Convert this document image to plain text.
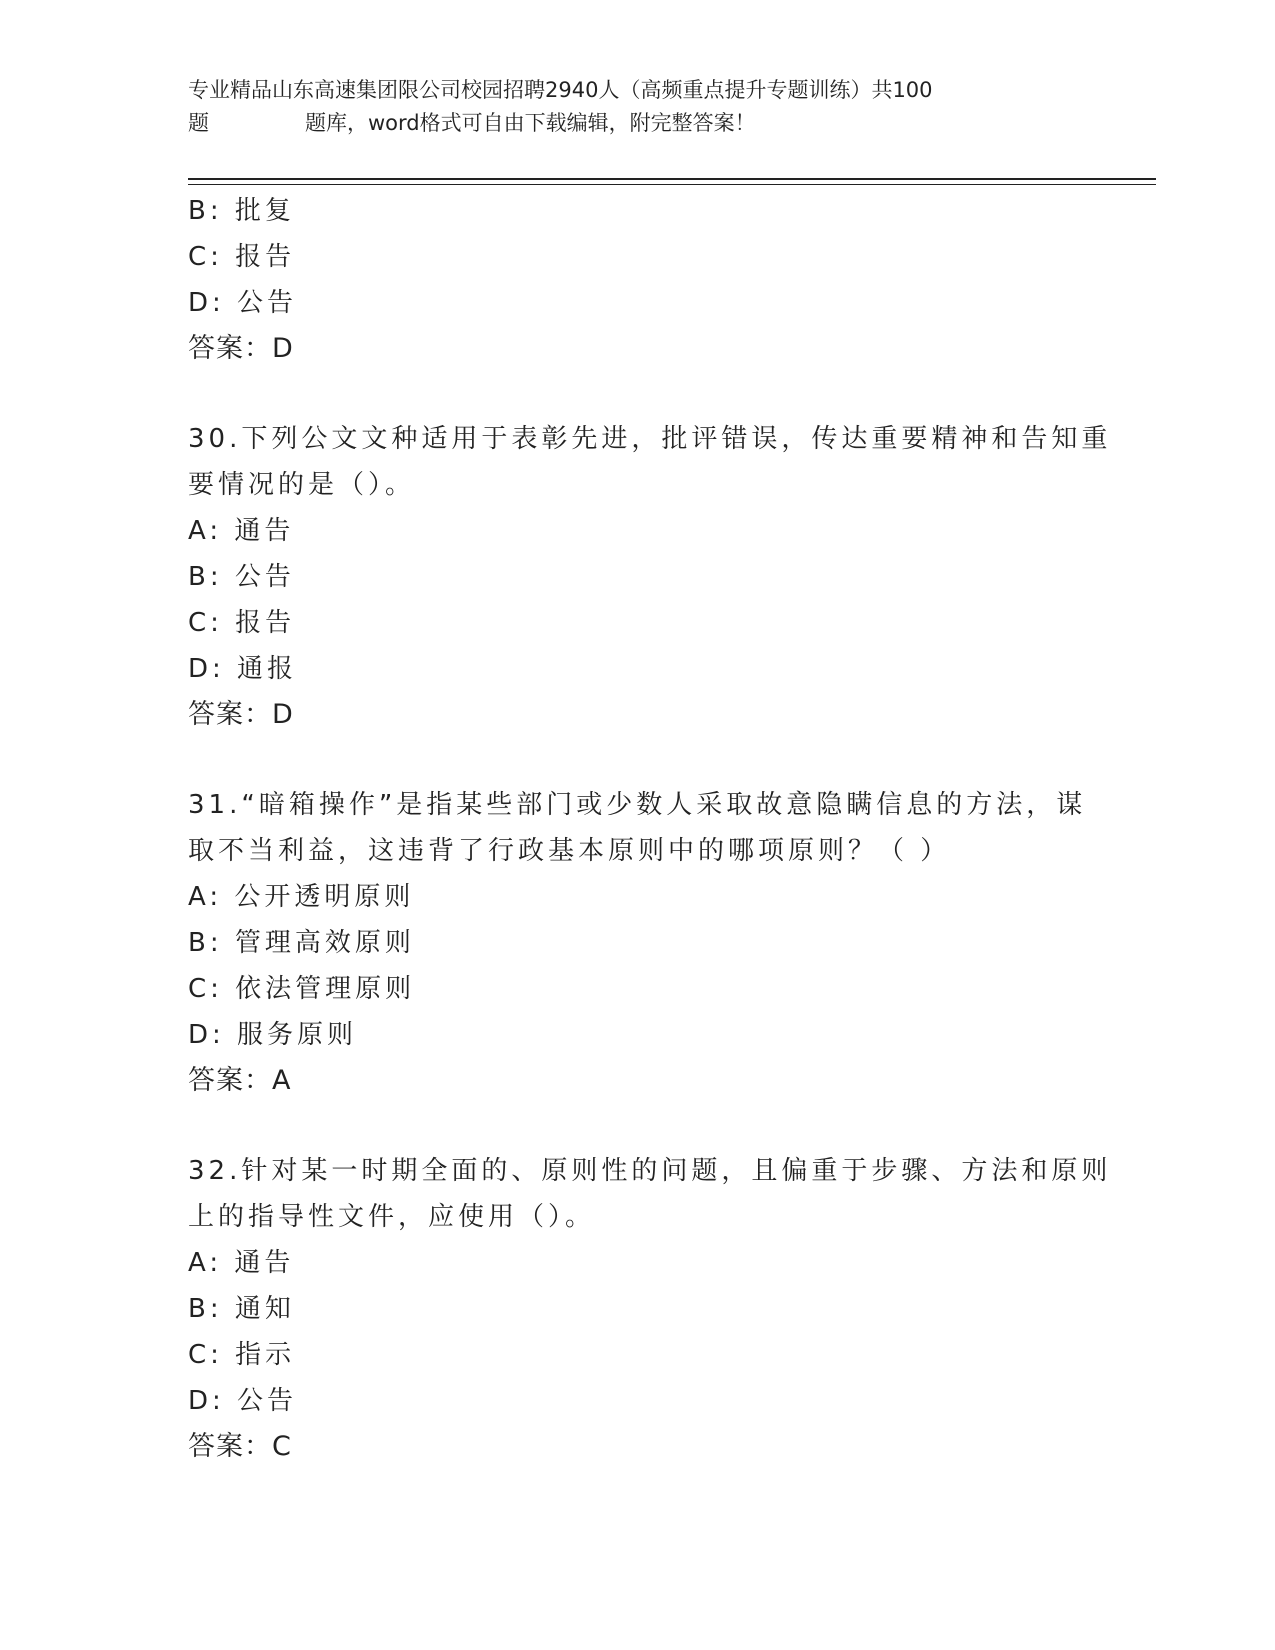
专业精品山东高速集团限公司校园招聘2940人（高频重点提升专题训练）共100
题	题库，word格式可自由下载编辑，附完整答案！
B: 批复
C: 报告
D: 公告
答案：D
30.下列公文文种适用于表彰先进，批评错误，传达重要精神和告知重
要情况的是（）。
A: 通告
B: 公告
C: 报告
D: 通报
答案：D
31.“暗箱操作”是指某些部门或少数人采取故意隐瞒信息的方法，谋
取不当利益，这违背了行政基本原则中的哪项原则？（ ）
A: 公开透明原则
B: 管理高效原则
C: 依法管理原则
D: 服务原则
答案：A
32.针对某一时期全面的、原则性的问题，且偏重于步骤、方法和原则
上的指导性文件，应使用（）。
A: 通告
B: 通知
C: 指示
D: 公告
答案：C
